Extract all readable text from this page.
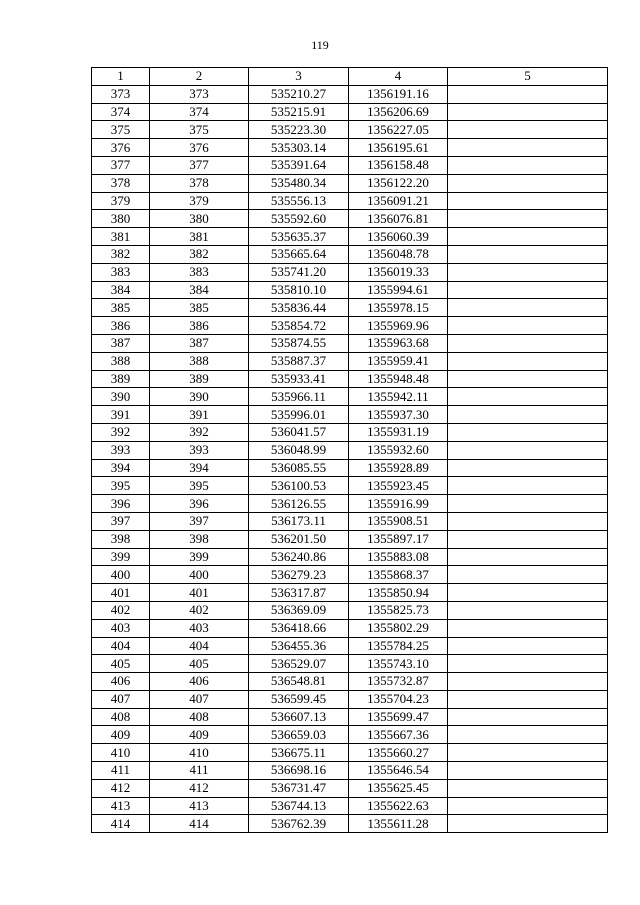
119
1	2	3	4	5
373	373	535210.27	1356191.16	
374	374	535215.91	1356206.69	
375	375	535223.30	1356227.05	
376	376	535303.14	1356195.61	
377	377	535391.64	1356158.48	
378	378	535480.34	1356122.20	
379	379	535556.13	1356091.21	
380	380	535592.60	1356076.81	
381	381	535635.37	1356060.39	
382	382	535665.64	1356048.78	
383	383	535741.20	1356019.33	
384	384	535810.10	1355994.61	
385	385	535836.44	1355978.15	
386	386	535854.72	1355969.96	
387	387	535874.55	1355963.68	
388	388	535887.37	1355959.41	
389	389	535933.41	1355948.48	
390	390	535966.11	1355942.11	
391	391	535996.01	1355937.30	
392	392	536041.57	1355931.19	
393	393	536048.99	1355932.60	
394	394	536085.55	1355928.89	
395	395	536100.53	1355923.45	
396	396	536126.55	1355916.99	
397	397	536173.11	1355908.51	
398	398	536201.50	1355897.17	
399	399	536240.86	1355883.08	
400	400	536279.23	1355868.37	
401	401	536317.87	1355850.94	
402	402	536369.09	1355825.73	
403	403	536418.66	1355802.29	
404	404	536455.36	1355784.25	
405	405	536529.07	1355743.10	
406	406	536548.81	1355732.87	
407	407	536599.45	1355704.23	
408	408	536607.13	1355699.47	
409	409	536659.03	1355667.36	
410	410	536675.11	1355660.27	
411	411	536698.16	1355646.54	
412	412	536731.47	1355625.45	
413	413	536744.13	1355622.63	
414	414	536762.39	1355611.28	
